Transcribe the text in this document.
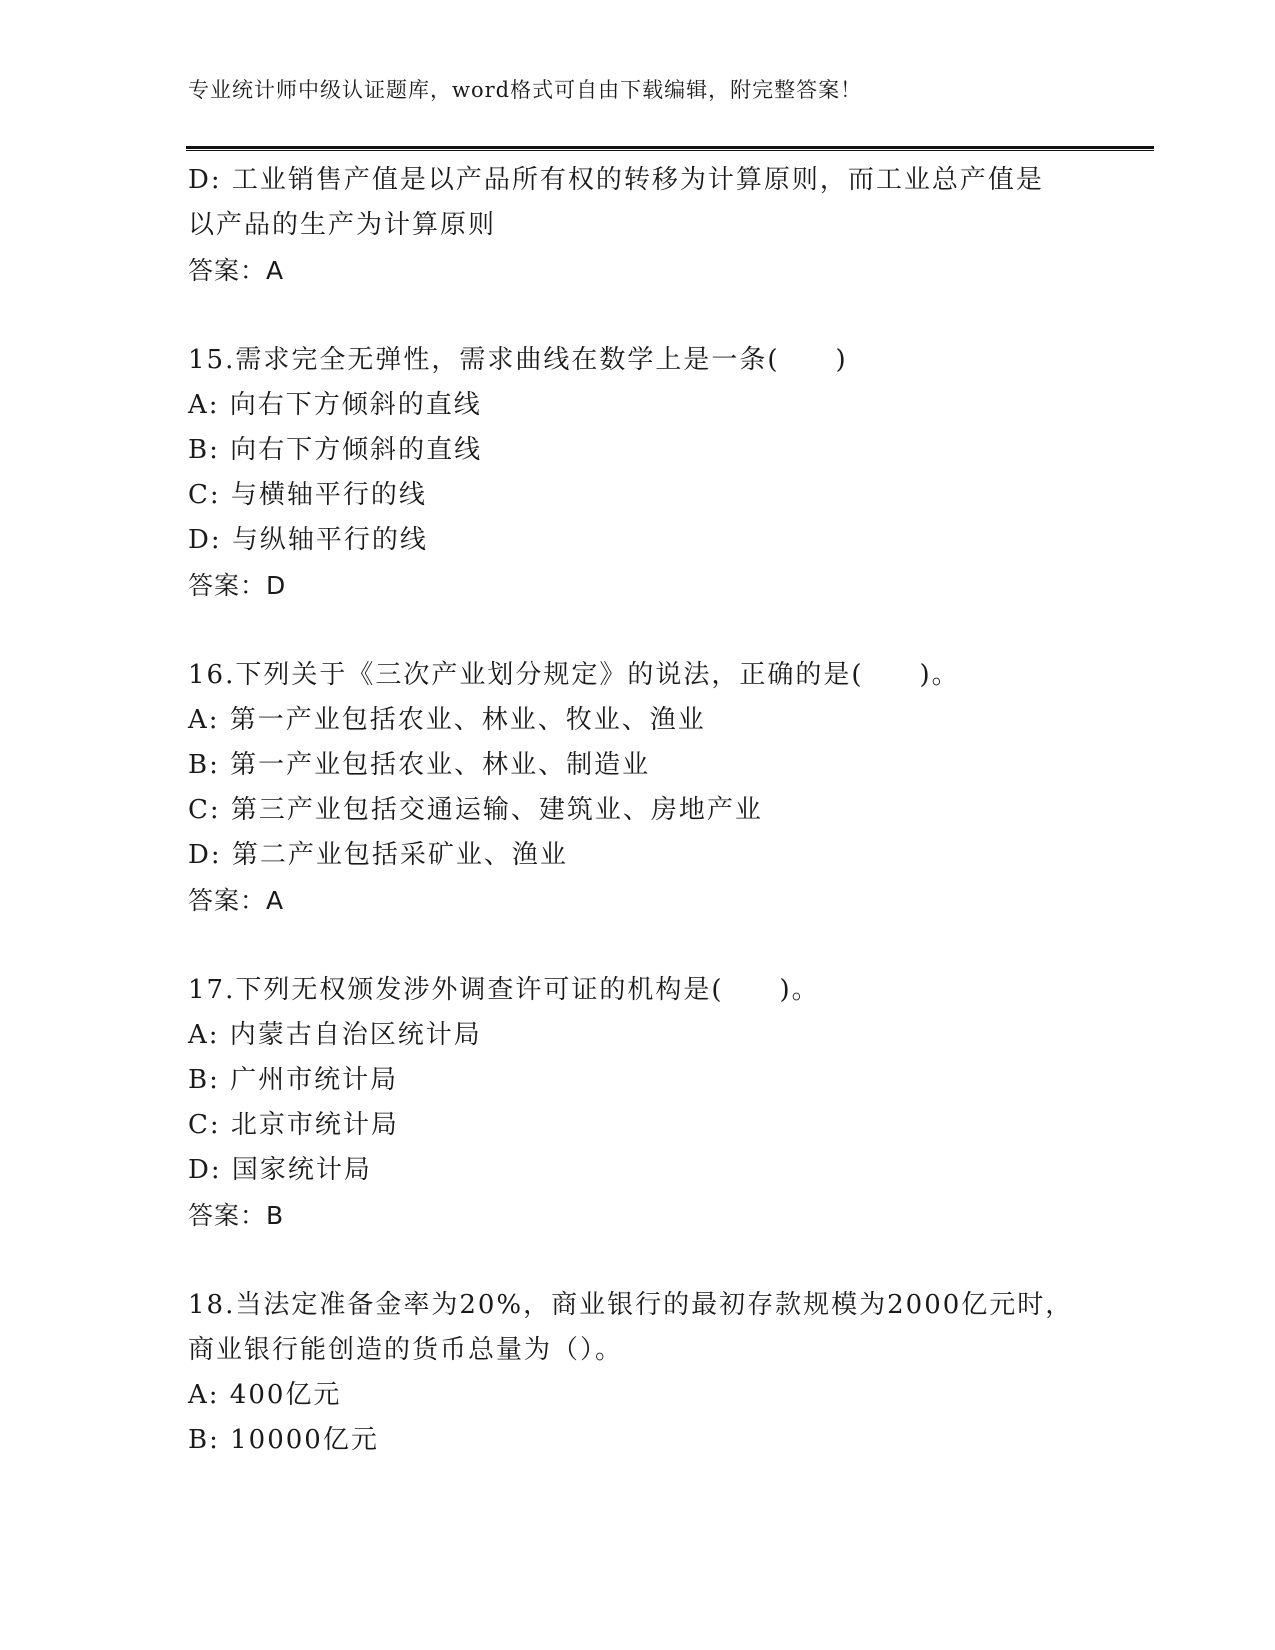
专业统计师中级认证题库，word格式可自由下载编辑，附完整答案！

D: 工业销售产值是以产品所有权的转移为计算原则，而工业总产值是

以产品的生产为计算原则

答案：A

15.需求完全无弹性，需求曲线在数学上是一条(　　)

A: 向右下方倾斜的直线

B: 向右下方倾斜的直线

C: 与横轴平行的线

D: 与纵轴平行的线

答案：D

16.下列关于《三次产业划分规定》的说法，正确的是(　　)。

A: 第一产业包括农业、林业、牧业、渔业

B: 第一产业包括农业、林业、制造业

C: 第三产业包括交通运输、建筑业、房地产业

D: 第二产业包括采矿业、渔业

答案：A

17.下列无权颁发涉外调查许可证的机构是(　　)。

A: 内蒙古自治区统计局

B: 广州市统计局

C: 北京市统计局

D: 国家统计局

答案：B

18.当法定准备金率为20%，商业银行的最初存款规模为2000亿元时，

商业银行能创造的货币总量为（）。

A: 400亿元

B: 10000亿元
